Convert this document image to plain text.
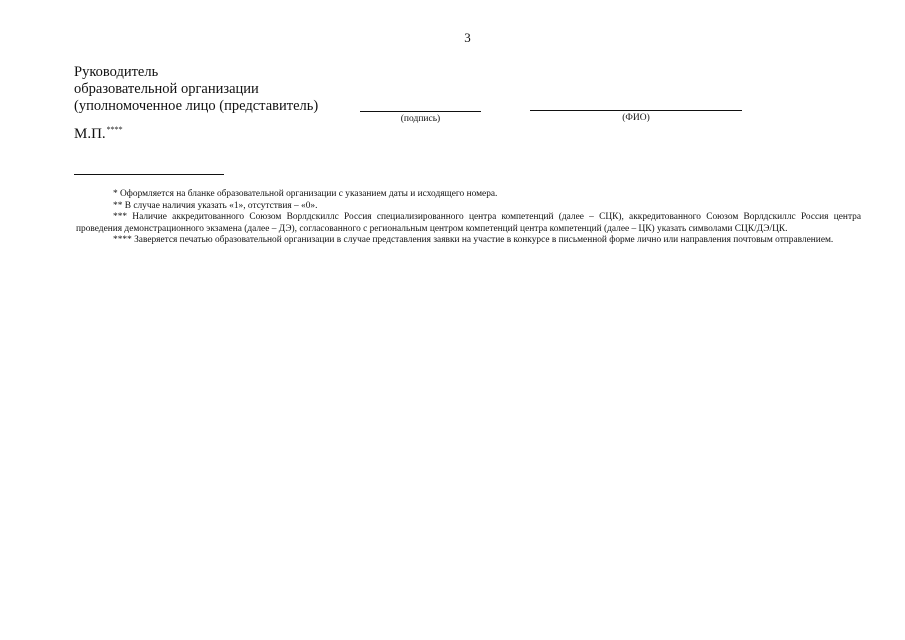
3
Руководитель
образовательной организации
(уполномоченное лицо (представитель)
(подпись)	(ФИО)
М.П.****

* Оформляется на бланке образовательной организации с указанием даты и исходящего номера.

** В случае наличия указать «1», отсутствия – «0».

*** Наличие аккредитованного Союзом Ворлдскиллс Россия специализированного центра компетенций (далее – СЦК), аккредитованного Союзом Ворлдскиллс Россия центра проведения демонстрационного экзамена (далее – ДЭ), согласованного с региональным центром компетенций центра компетенций (далее – ЦК) указать символами СЦК/ДЭ/ЦК.

**** Заверяется печатью образовательной организации в случае представления заявки на участие в конкурсе в письменной форме лично или направления почтовым отправлением.
